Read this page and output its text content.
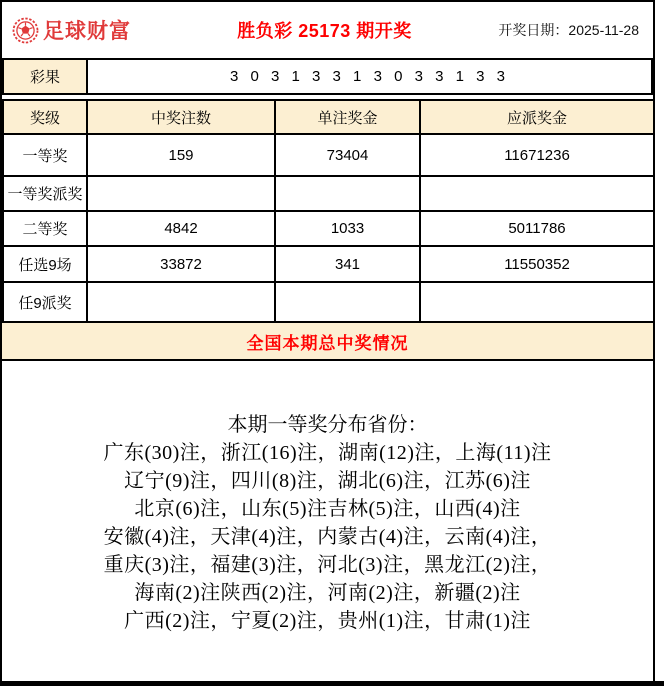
足球财富	胜负彩 25173 期开奖	开奖日期：2025-11-28
彩果	3 0 3 1 3 3 1 3 0 3 3 1 3 3
奖级	中奖注数	单注奖金	应派奖金
一等奖	159	73404	11671236
一等奖派奖			
二等奖	4842	1033	5011786
任选9场	33872	341	11550352
任9派奖			
全国本期总中奖情况
本期一等奖分布省份：
广东(30)注，浙江(16)注，湖南(12)注，上海(11)注
辽宁(9)注，四川(8)注，湖北(6)注，江苏(6)注
北京(6)注，山东(5)注吉林(5)注，山西(4)注
安徽(4)注，天津(4)注，内蒙古(4)注，云南(4)注，
重庆(3)注，福建(3)注，河北(3)注，黑龙江(2)注，
海南(2)注陕西(2)注，河南(2)注，新疆(2)注
广西(2)注，宁夏(2)注，贵州(1)注，甘肃(1)注
